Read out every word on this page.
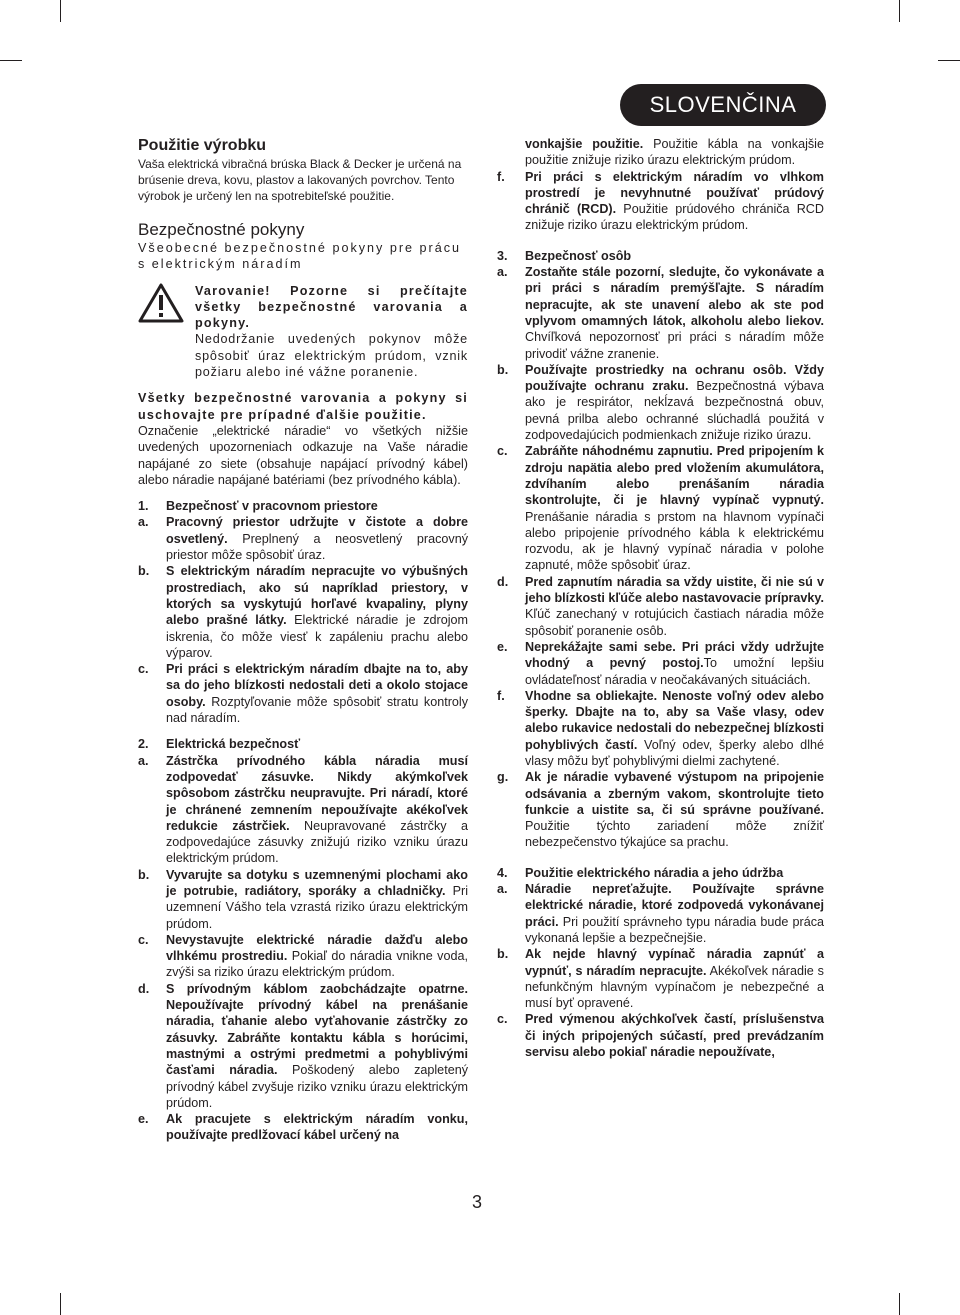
SLOVENČINA

Použitie výrobku

Vaša elektrická vibračná brúska Black & Decker je určená na brúsenie dreva, kovu, plastov a lakovaných povrchov. Tento výrobok je určený len na spotrebiteľské použitie.

Bezpečnostné pokyny

Všeobecné bezpečnostné pokyny pre prácu s elektrickým náradím

Varovanie! Pozorne si prečítajte všetky bezpečnostné varovania a pokyny.

Nedodržanie uvedených pokynov môže spôsobiť úraz elektrickým prúdom, vznik požiaru alebo iné vážne poranenie.

Všetky bezpečnostné varovania a pokyny si uschovajte pre prípadné ďalšie použitie.

Označenie „elektrické náradie“ vo všetkých nižšie uvedených upozorneniach odkazuje na Vaše náradie napájané zo siete (obsahuje napájací prívodný kábel) alebo náradie napájané batériami (bez prívodného kábla).

1.	Bezpečnosť v pracovnom priestore
a.	Pracovný priestor udržujte v čistote a dobre osvetlený. Preplnený a neosvetlený pracovný priestor môže spôsobiť úraz.
b.	S elektrickým náradím nepracujte vo výbušných prostrediach, ako sú napríklad priestory, v ktorých sa vyskytujú horľavé kvapaliny, plyny alebo prašné látky. Elektrické náradie je zdrojom iskrenia, čo môže viesť k zapáleniu prachu alebo výparov.
c.	Pri práci s elektrickým náradím dbajte na to, aby sa do jeho blízkosti nedostali deti a okolo stojace osoby. Rozptyľovanie môže spôsobiť stratu kontroly nad náradím.
2.	Elektrická bezpečnosť
a.	Zástrčka prívodného kábla náradia musí zodpovedať zásuvke. Nikdy akýmkoľvek spôsobom zástrčku neupravujte. Pri náradí, ktoré je chránené zemnením nepoužívajte akékoľvek redukcie zástrčiek. Neupravované zástrčky a zodpovedajúce zásuvky znižujú riziko vzniku úrazu elektrickým prúdom.
b.	Vyvarujte sa dotyku s uzemnenými plochami ako je potrubie, radiátory, sporáky a chladničky. Pri uzemnení Vášho tela vzrastá riziko úrazu elektrickým prúdom.
c.	Nevystavujte elektrické náradie dažďu alebo vlhkému prostrediu. Pokiaľ do náradia vnikne voda, zvýši sa riziko úrazu elektrickým prúdom.
d.	S prívodným káblom zaobchádzajte opatrne. Nepoužívajte prívodný kábel na prenášanie náradia, ťahanie alebo vyťahovanie zástrčky zo zásuvky. Zabráňte kontaktu kábla s horúcimi, mastnými a ostrými predmetmi a pohyblivými časťami náradia. Poškodený alebo zapletený prívodný kábel zvyšuje riziko vzniku úrazu elektrickým prúdom.
e.	Ak pracujete s elektrickým náradím vonku, používajte predlžovací kábel určený na
vonkajšie použitie. Použitie kábla na vonkajšie použitie znižuje riziko úrazu elektrickým prúdom.
f.	Pri práci s elektrickým náradím vo vlhkom prostredí je nevyhnutné používať prúdový chránič (RCD). Použitie prúdového chrániča RCD znižuje riziko úrazu elektrickým prúdom.
3.	Bezpečnosť osôb
a.	Zostaňte stále pozorní, sledujte, čo vykonávate a pri práci s náradím premýšľajte. S náradím nepracujte, ak ste unavení alebo ak ste pod vplyvom omamných látok, alkoholu alebo liekov. Chvíľková nepozornosť pri práci s náradím môže privodiť vážne zranenie.
b.	Používajte prostriedky na ochranu osôb. Vždy používajte ochranu zraku. Bezpečnostná výbava ako je respirátor, nekĺzavá bezpečnostná obuv, pevná prilba alebo ochranné slúchadlá použitá v zodpovedajúcich podmienkach znižuje riziko úrazu.
c.	Zabráňte náhodnému zapnutiu. Pred pripojením k zdroju napätia alebo pred vložením akumulátora, zdvíhaním alebo prenášaním náradia skontrolujte, či je hlavný vypínač vypnutý. Prenášanie náradia s prstom na hlavnom vypínači alebo pripojenie prívodného kábla k elektrickému rozvodu, ak je hlavný vypínač náradia v polohe zapnuté, môže spôsobiť úraz.
d.	Pred zapnutím náradia sa vždy uistite, či nie sú v jeho blízkosti kľúče alebo nastavovacie prípravky. Kľúč zanechaný v rotujúcich častiach náradia môže spôsobiť poranenie osôb.
e.	Neprekážajte sami sebe. Pri práci vždy udržujte vhodný a pevný postoj.To umožní lepšiu ovládateľnosť náradia v neočakávaných situáciách.
f.	Vhodne sa obliekajte. Nenoste voľný odev alebo šperky. Dbajte na to, aby sa Vaše vlasy, odev alebo rukavice nedostali do nebezpečnej blízkosti pohyblivých častí. Voľný odev, šperky alebo dlhé vlasy môžu byť pohyblivými dielmi zachytené.
g.	Ak je náradie vybavené výstupom na pripojenie odsávania a zberným vakom, skontrolujte tieto funkcie a uistite sa, či sú správne používané. Použitie týchto zariadení môže znížiť nebezpečenstvo týkajúce sa prachu.
4.	Použitie elektrického náradia a jeho údržba
a.	Náradie nepreťažujte. Používajte správne elektrické náradie, ktoré zodpovedá vykonávanej práci. Pri použití správneho typu náradia bude práca vykonaná lepšie a bezpečnejšie.
b.	Ak nejde hlavný vypínač náradia zapnúť a vypnúť, s náradím nepracujte. Akékoľvek náradie s nefunkčným hlavným vypínačom je nebezpečné a musí byť opravené.
c.	Pred výmenou akýchkoľvek častí, príslušenstva či iných pripojených súčastí, pred prevádzaním servisu alebo pokiaľ náradie nepoužívate,
3
